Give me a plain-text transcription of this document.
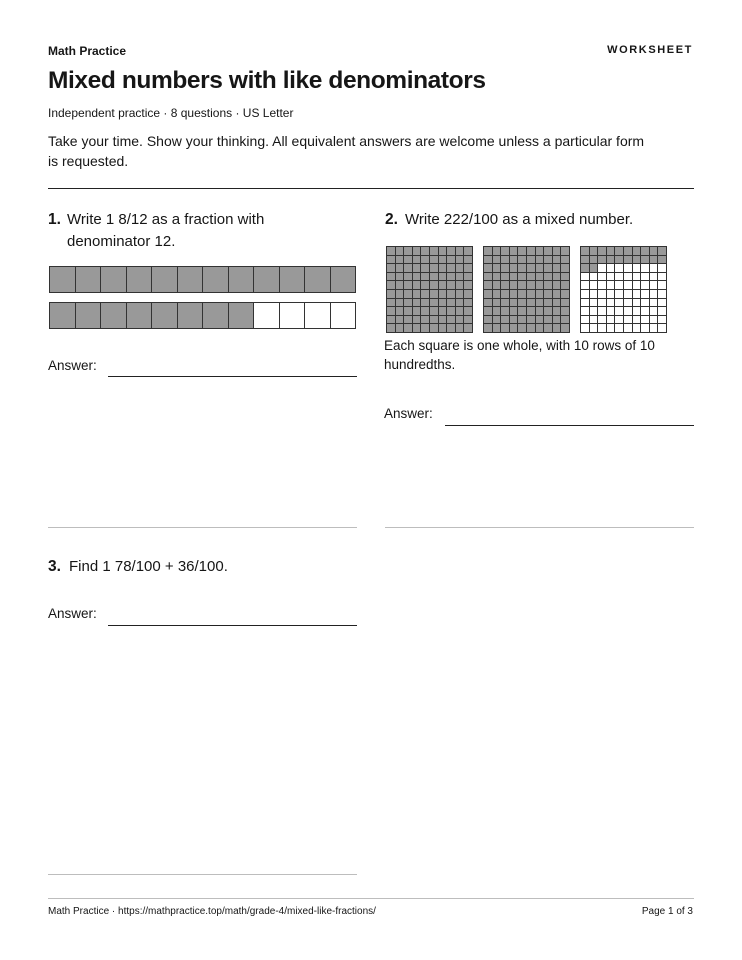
Math Practice	WORKSHEET
Mixed numbers with like denominators
Independent practice · 8 questions · US Letter
Take your time. Show your thinking. All equivalent answers are welcome unless a particular form is requested.
1. Write 1 8/12 as a fraction with denominator 12.
Answer:
2. Write 222/100 as a mixed number.
Each square is one whole, with 10 rows of 10 hundredths.
Answer:
3. Find 1 78/100 + 36/100.
Answer:
Math Practice · https://mathpractice.top/math/grade-4/mixed-like-fractions/	Page 1 of 3
